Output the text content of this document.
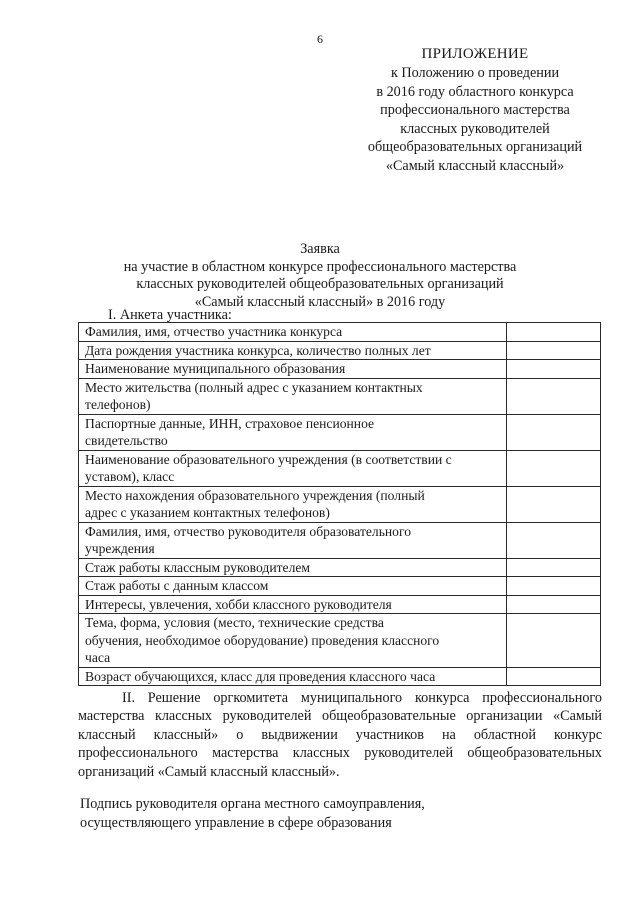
6
ПРИЛОЖЕНИЕ
к Положению о проведении
в 2016 году областного конкурса
профессионального мастерства
классных руководителей
общеобразовательных организаций
«Самый классный классный»
Заявка
на участие в областном конкурсе профессионального мастерства
классных руководителей общеобразовательных организаций
«Самый классный классный» в 2016 году
I. Анкета участника:
Фамилия, имя, отчество участника конкурса	

Дата рождения участника конкурса, количество полных лет	

Наименование муниципального образования	

Место жительства (полный адрес с указанием контактных
телефонов)	

Паспортные данные, ИНН, страховое пенсионное
свидетельство	

Наименование образовательного учреждения (в соответствии с
уставом), класс	

Место нахождения образовательного учреждения (полный
адрес с указанием контактных телефонов)	

Фамилия, имя, отчество руководителя образовательного
учреждения	

Стаж работы классным руководителем	

Стаж работы с данным классом	

Интересы, увлечения, хобби классного руководителя	

Тема, форма, условия (место, технические средства
обучения, необходимое оборудование) проведения классного
часа	

Возраст обучающихся, класс для проведения классного часа	

II. Решение оргкомитета муниципального конкурса профессионального мастерства классных руководителей общеобразовательные организации «Самый классный классный» о выдвижении участников на областной конкурс профессионального мастерства классных руководителей общеобразовательных организаций «Самый классный классный».
Подпись руководителя органа местного самоуправления,
осуществляющего управление в сфере образования
